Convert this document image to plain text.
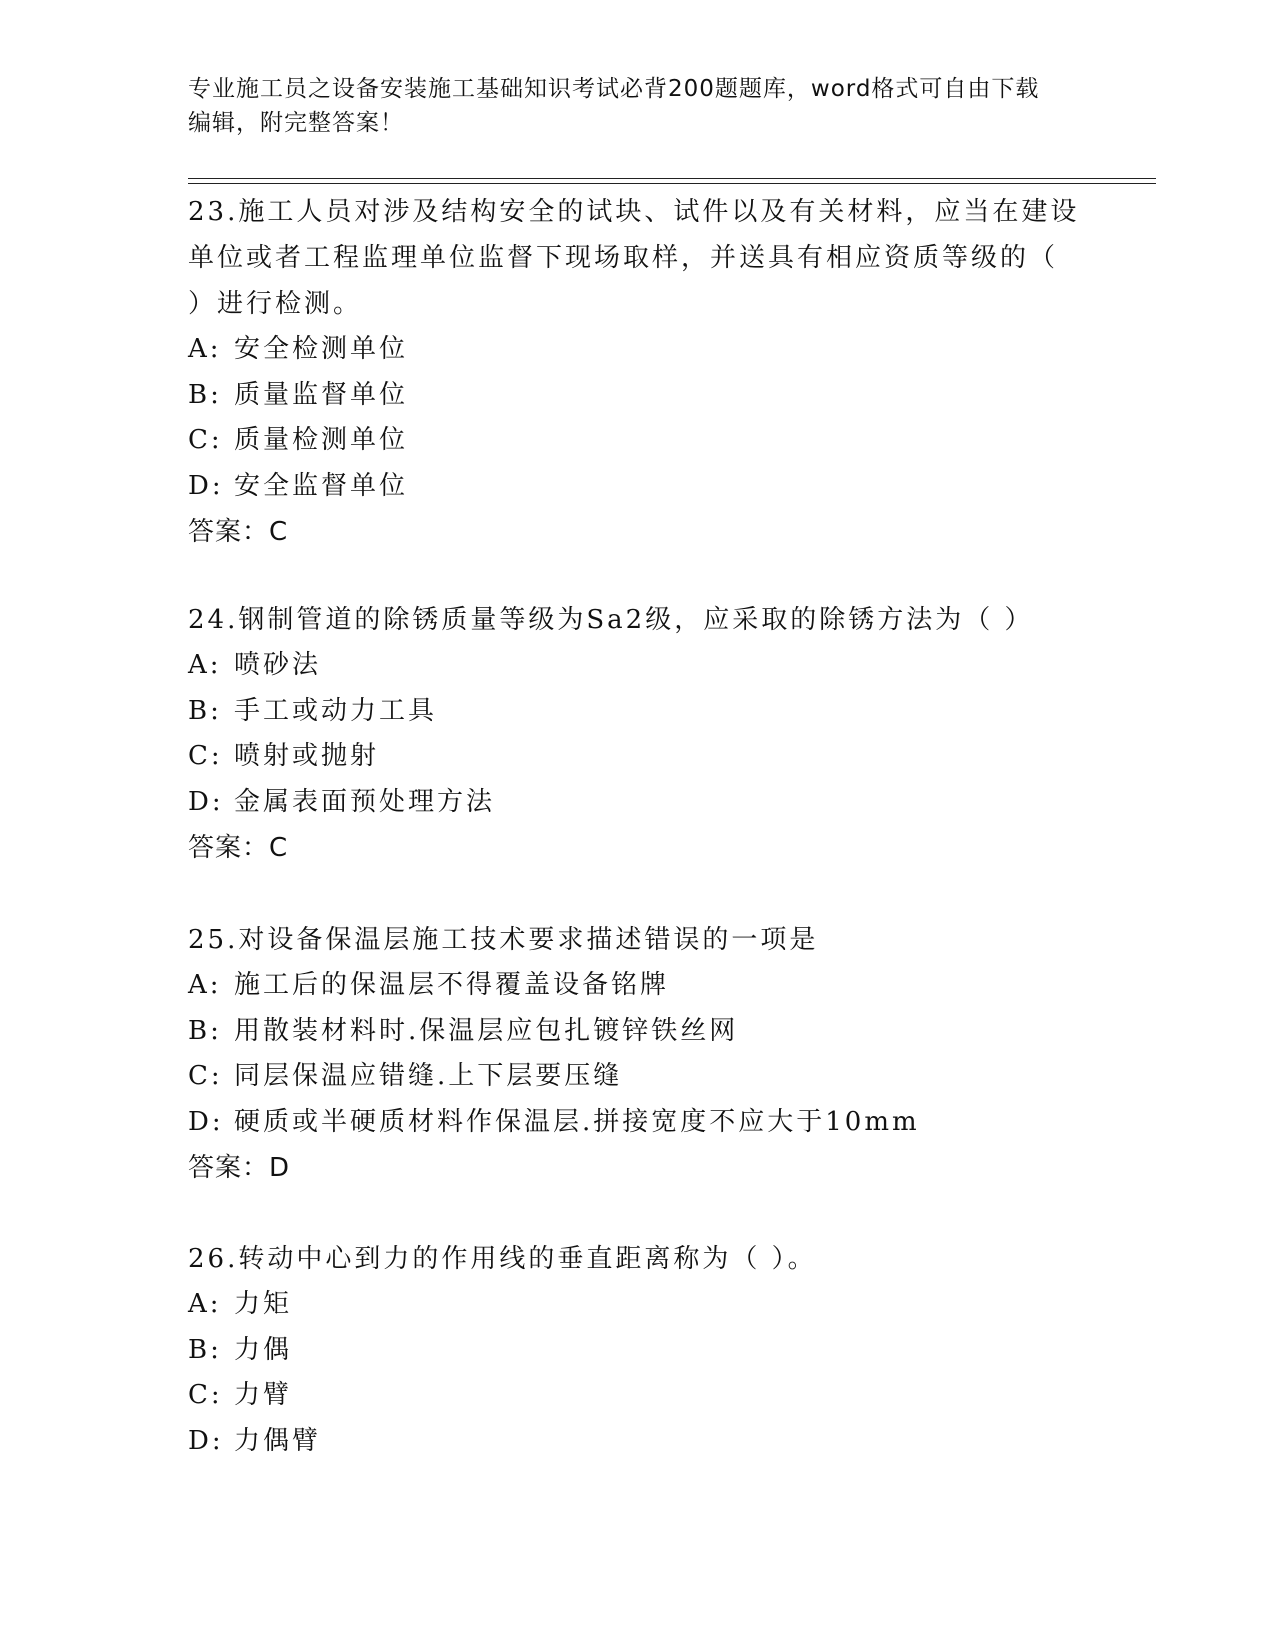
专业施工员之设备安装施工基础知识考试必背200题题库，word格式可自由下载
编辑，附完整答案！

23.施工人员对涉及结构安全的试块、试件以及有关材料，应当在建设

单位或者工程监理单位监督下现场取样，并送具有相应资质等级的（

）进行检测。

A: 安全检测单位

B: 质量监督单位

C: 质量检测单位

D: 安全监督单位

答案：C

24.钢制管道的除锈质量等级为Sa2级，应采取的除锈方法为（ ）

A: 喷砂法

B: 手工或动力工具

C: 喷射或抛射

D: 金属表面预处理方法

答案：C

25.对设备保温层施工技术要求描述错误的一项是

A: 施工后的保温层不得覆盖设备铭牌

B: 用散装材料时.保温层应包扎镀锌铁丝网

C: 同层保温应错缝.上下层要压缝

D: 硬质或半硬质材料作保温层.拼接宽度不应大于10mm

答案：D

26.转动中心到力的作用线的垂直距离称为（ ）。

A: 力矩

B: 力偶

C: 力臂

D: 力偶臂
